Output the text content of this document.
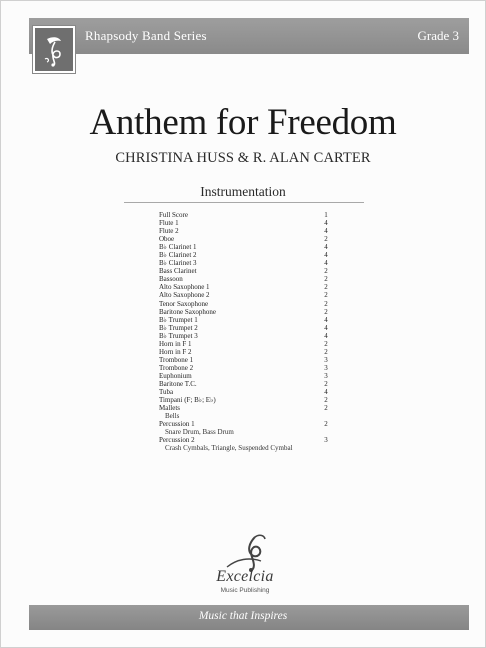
Rhapsody Band Series	Grade 3
Anthem for Freedom
CHRISTINA HUSS & R. ALAN CARTER
Instrumentation
Full Score	1
Flute 1	4
Flute 2	4
Oboe	2
B♭ Clarinet 1	4
B♭ Clarinet 2	4
B♭ Clarinet 3	4
Bass Clarinet	2
Bassoon	2
Alto Saxophone 1	2
Alto Saxophone 2	2
Tenor Saxophone	2
Baritone Saxophone	2
B♭ Trumpet 1	4
B♭ Trumpet 2	4
B♭ Trumpet 3	4
Horn in F 1	2
Horn in F 2	2
Trombone 1	3
Trombone 2	3
Euphonium	3
Baritone T.C.	2
Tuba	4
Timpani (F; B♭; E♭)	2
Mallets	2
Bells
Percussion 1	2
Snare Drum, Bass Drum
Percussion 2	3
Crash Cymbals, Triangle, Suspended Cymbal
Excelcia
Music Publishing
Music that Inspires
